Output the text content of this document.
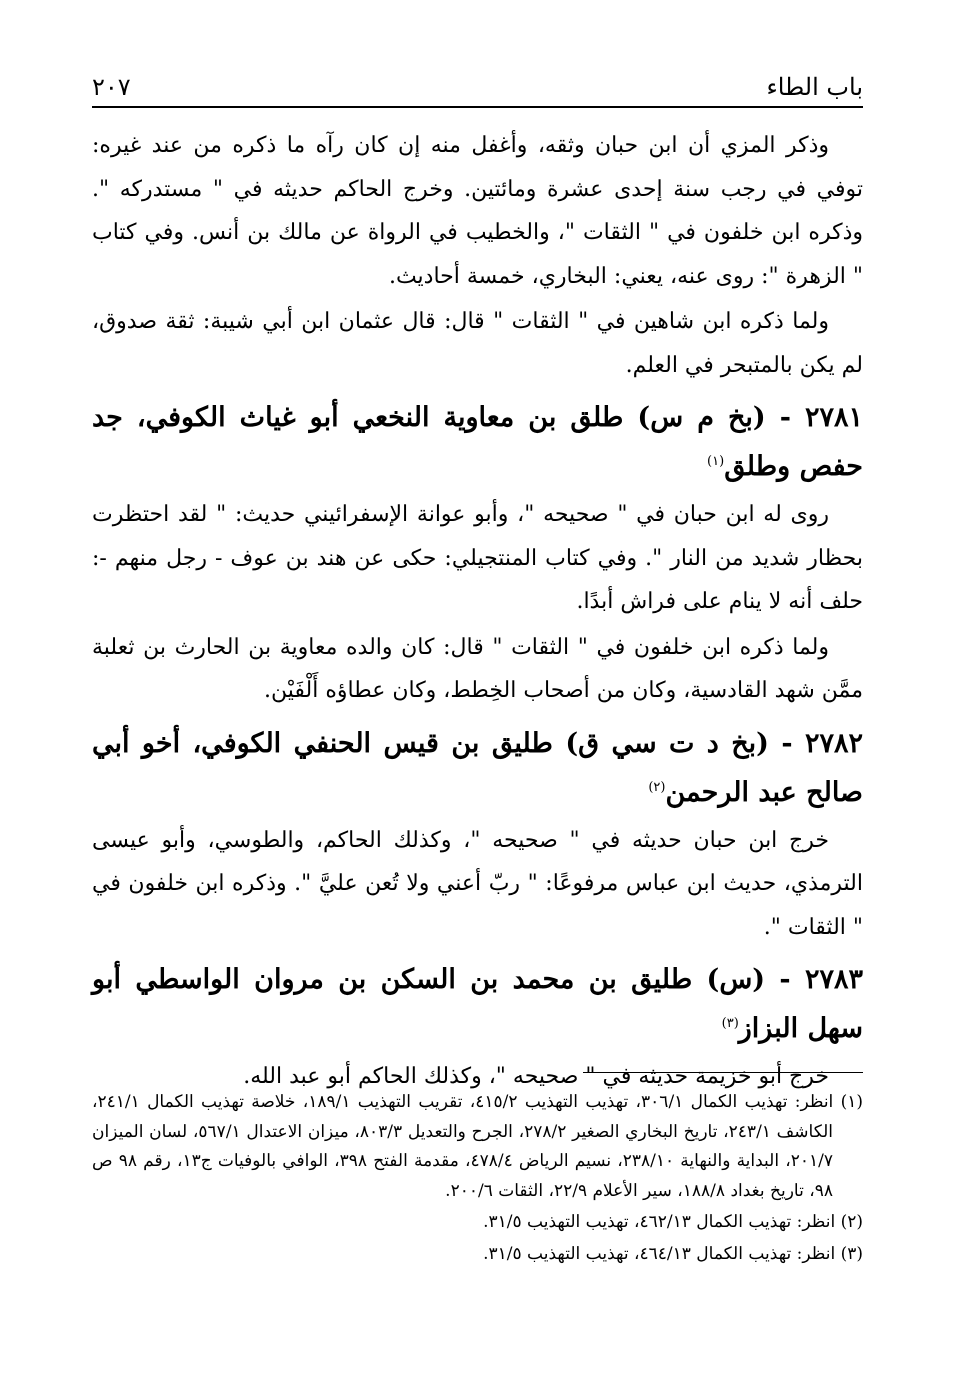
باب الطاء
٢٠٧

وذكر المزي أن ابن حبان وثقه، وأغفل منه إن كان رآه ما ذكره من عند غيره: توفي في رجب سنة إحدى عشرة ومائتين. وخرج الحاكم حديثه في " مستدركه ". وذكره ابن خلفون في " الثقات "، والخطيب في الرواة عن مالك بن أنس. وفي كتاب " الزهرة ": روى عنه، يعني: البخاري، خمسة أحاديث.

ولما ذكره ابن شاهين في " الثقات " قال: قال عثمان ابن أبي شيبة: ثقة صدوق، لم يكن بالمتبحر في العلم.

٢٧٨١ - (بخ م س) طلق بن معاوية النخعي أبو غياث الكوفي، جد حفص وطلق$^{(١)}$

روى له ابن حبان في " صحيحه "، وأبو عوانة الإسفرائيني حديث: " لقد احتظرت بحظار شديد من النار ". وفي كتاب المنتجيلي: حكى عن هند بن عوف - رجل منهم -: حلف أنه لا ينام على فراش أبدًا.

ولما ذكره ابن خلفون في " الثقات " قال: كان والده معاوية بن الحارث بن ثعلبة ممَّن شهد القادسية، وكان من أصحاب الخِطط، وكان عطاؤه أَلْفَيْن.

٢٧٨٢ - (بخ د ت سي ق) طليق بن قيس الحنفي الكوفي، أخو أبي صالح عبد الرحمن$^{(٢)}$

خرج ابن حبان حديثه في " صحيحه "، وكذلك الحاكم، والطوسي، وأبو عيسى الترمذي، حديث ابن عباس مرفوعًا: " ربّ أعني ولا تُعن عليَّ ". وذكره ابن خلفون في " الثقات ".

٢٧٨٣ - (س) طليق بن محمد بن السكن بن مروان الواسطي أبو سهل البزاز$^{(٣)}$

خرج أبو خزيمة حديثه في " صحيحه "، وكذلك الحاكم أبو عبد الله.

(١) انظر: تهذيب الكمال ٣٠٦/١، تهذيب التهذيب ٤١٥/٢، تقريب التهذيب ١٨٩/١، خلاصة تهذيب الكمال ٢٤١/١، الكاشف ٢٤٣/١، تاريخ البخاري الصغير ٢٧٨/٢، الجرح والتعديل ٨٠٣/٣، ميزان الاعتدال ٥٦٧/١، لسان الميزان ٢٠١/٧، البداية والنهاية ٢٣٨/١٠، نسيم الرياض ٤٧٨/٤، مقدمة الفتح ٣٩٨، الوافي بالوفيات ج١٣، رقم ٩٨ ص ٩٨، تاريخ بغداد ١٨٨/٨، سير الأعلام ٢٢/٩، الثقات ٢٠٠/٦.

(٢) انظر: تهذيب الكمال ٤٦٢/١٣، تهذيب التهذيب ٣١/٥.

(٣) انظر: تهذيب الكمال ٤٦٤/١٣، تهذيب التهذيب ٣١/٥.
